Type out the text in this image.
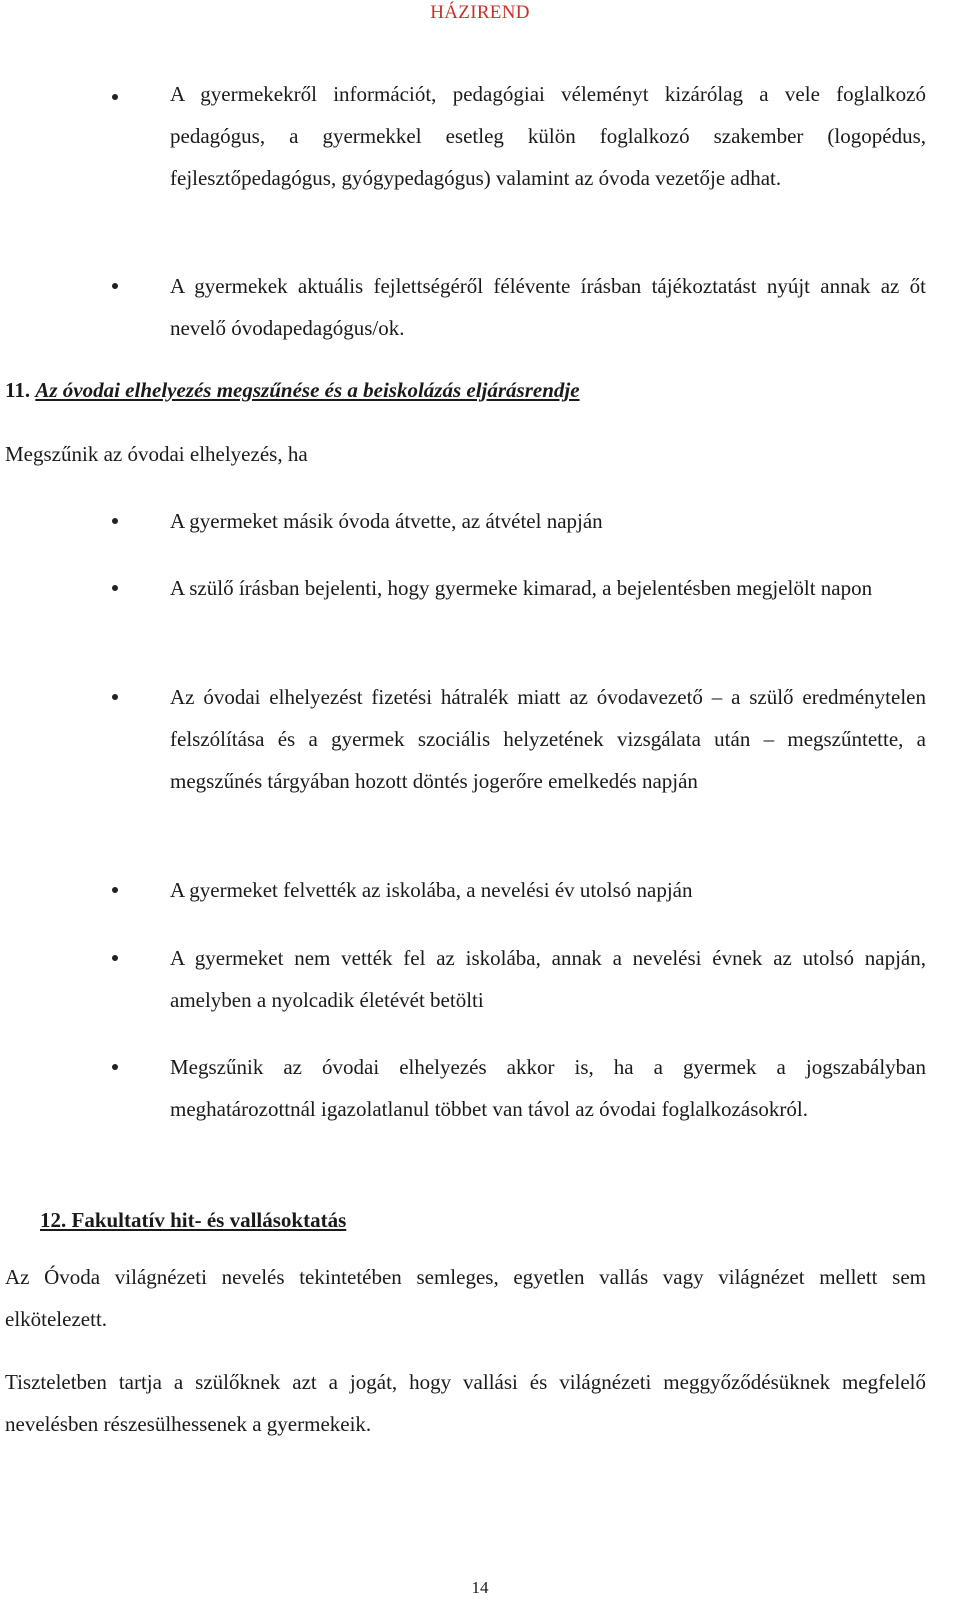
HÁZIREND
A gyermekekről információt, pedagógiai véleményt kizárólag a vele foglalkozó pedagógus, a gyermekkel esetleg külön foglalkozó szakember (logopédus, fejlesztőpedagógus, gyógypedagógus) valamint az óvoda vezetője adhat.
A gyermekek aktuális fejlettségéről félévente írásban tájékoztatást nyújt annak az őt nevelő óvodapedagógus/ok.
11. Az óvodai elhelyezés megszűnése és a beiskolázás eljárásrendje
Megszűnik az óvodai elhelyezés, ha
A gyermeket másik óvoda átvette, az átvétel napján
A szülő írásban bejelenti, hogy gyermeke kimarad, a bejelentésben megjelölt napon
Az óvodai elhelyezést fizetési hátralék miatt az óvodavezető – a szülő eredménytelen felszólítása és a gyermek szociális helyzetének vizsgálata után – megszűntette, a megszűnés tárgyában hozott döntés jogerőre emelkedés napján
A gyermeket felvették az iskolába, a nevelési év utolsó napján
A gyermeket nem vették fel az iskolába, annak a nevelési évnek az utolsó napján, amelyben a nyolcadik életévét betölti
Megszűnik az óvodai elhelyezés akkor is, ha a gyermek a jogszabályban meghatározottnál igazolatlanul többet van távol az óvodai foglalkozásokról.
12. Fakultatív hit- és vallásoktatás
Az Óvoda világnézeti nevelés tekintetében semleges, egyetlen vallás vagy világnézet mellett sem elkötelezett.
Tiszteletben tartja a szülőknek azt a jogát, hogy vallási és világnézeti meggyőződésüknek megfelelő nevelésben részesülhessenek a gyermekeik.
14
